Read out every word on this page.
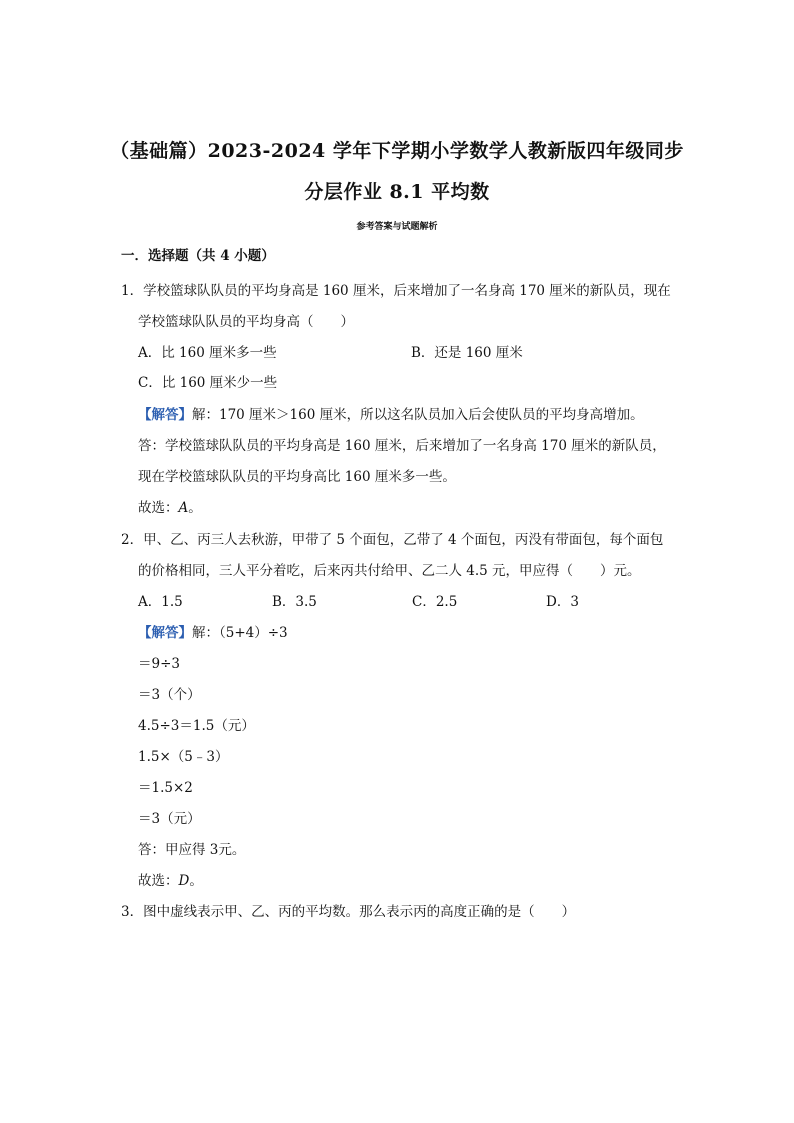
（基础篇）2023-2024 学年下学期小学数学人教新版四年级同步
分层作业 8.1 平均数
参考答案与试题解析
一．选择题（共 4 小题）
1．学校篮球队队员的平均身高是 160 厘米，后来增加了一名身高 170 厘米的新队员，现在
学校篮球队队员的平均身高（　　）
A．比 160 厘米多一些	B．还是 160 厘米
C．比 160 厘米少一些
【解答】解：170 厘米＞160 厘米，所以这名队员加入后会使队员的平均身高增加。
答：学校篮球队队员的平均身高是 160 厘米，后来增加了一名身高 170 厘米的新队员，
现在学校篮球队队员的平均身高比 160 厘米多一些。
故选：A。
2．甲、乙、丙三人去秋游，甲带了 5 个面包，乙带了 4 个面包，丙没有带面包，每个面包
的价格相同，三人平分着吃，后来丙共付给甲、乙二人 4.5 元，甲应得（　　）元。
A．1.5	B．3.5	C．2.5	D．3
【解答】解：（5+4）÷3
＝9÷3
＝3（个）
4.5÷3＝1.5（元）
1.5×（5﹣3）
＝1.5×2
＝3（元）
答：甲应得 3元。
故选：D。
3．图中虚线表示甲、乙、丙的平均数。那么表示丙的高度正确的是（　　）
